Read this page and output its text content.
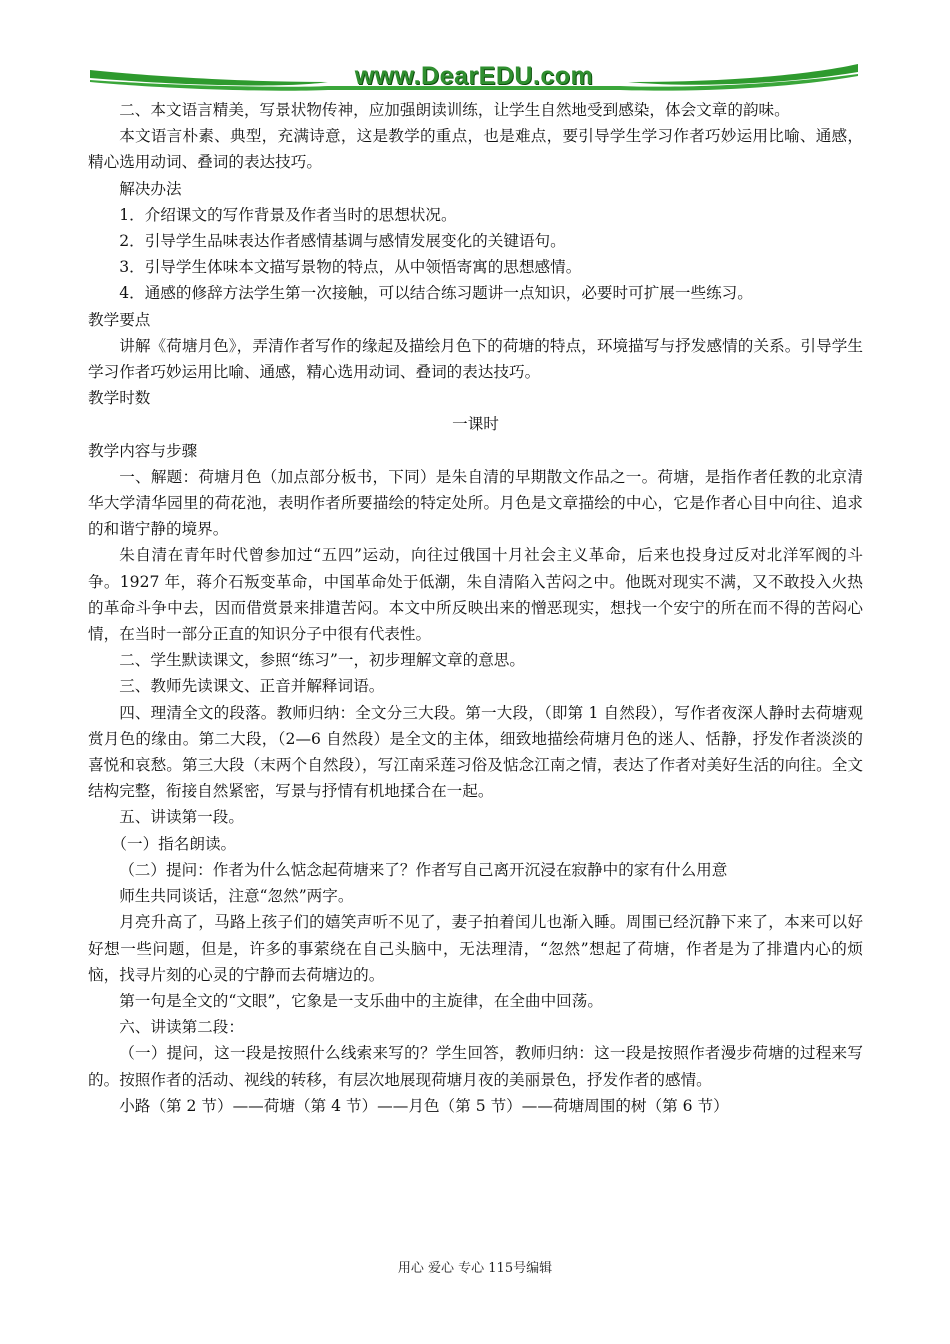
www.DearEDU.com

二、本文语言精美，写景状物传神，应加强朗读训练，让学生自然地受到感染，体会文章的韵味。

本文语言朴素、典型，充满诗意，这是教学的重点，也是难点，要引导学生学习作者巧妙运用比喻、通感，精心选用动词、叠词的表达技巧。

解决办法

1．介绍课文的写作背景及作者当时的思想状况。

2．引导学生品味表达作者感情基调与感情发展变化的关键语句。

3．引导学生体味本文描写景物的特点，从中领悟寄寓的思想感情。

4．通感的修辞方法学生第一次接触，可以结合练习题讲一点知识，必要时可扩展一些练习。

教学要点

讲解《荷塘月色》，弄清作者写作的缘起及描绘月色下的荷塘的特点，环境描写与抒发感情的关系。引导学生学习作者巧妙运用比喻、通感，精心选用动词、叠词的表达技巧。

教学时数

一课时

教学内容与步骤

一、解题：荷塘月色（加点部分板书，下同）是朱自清的早期散文作品之一。荷塘，是指作者任教的北京清华大学清华园里的荷花池，表明作者所要描绘的特定处所。月色是文章描绘的中心，它是作者心目中向往、追求的和谐宁静的境界。

朱自清在青年时代曾参加过“五四”运动，向往过俄国十月社会主义革命，后来也投身过反对北洋军阀的斗争。1927 年，蒋介石叛变革命，中国革命处于低潮，朱自清陷入苦闷之中。他既对现实不满，又不敢投入火热的革命斗争中去，因而借赏景来排遣苦闷。本文中所反映出来的憎恶现实，想找一个安宁的所在而不得的苦闷心情，在当时一部分正直的知识分子中很有代表性。

二、学生默读课文，参照“练习”一，初步理解文章的意思。

三、教师先读课文、正音并解释词语。

四、理清全文的段落。教师归纳：全文分三大段。第一大段，（即第 1 自然段），写作者夜深人静时去荷塘观赏月色的缘由。第二大段，（2—6 自然段）是全文的主体，细致地描绘荷塘月色的迷人、恬静，抒发作者淡淡的喜悦和哀愁。第三大段（末两个自然段），写江南采莲习俗及惦念江南之情，表达了作者对美好生活的向往。全文结构完整，衔接自然紧密，写景与抒情有机地揉合在一起。

五、讲读第一段。

（一）指名朗读。

（二）提问：作者为什么惦念起荷塘来了？作者写自己离开沉浸在寂静中的家有什么用意

师生共同谈话，注意“忽然”两字。

月亮升高了，马路上孩子们的嬉笑声听不见了，妻子拍着闰儿也渐入睡。周围已经沉静下来了，本来可以好好想一些问题，但是，许多的事萦绕在自己头脑中，无法理清，“忽然”想起了荷塘，作者是为了排遣内心的烦恼，找寻片刻的心灵的宁静而去荷塘边的。

第一句是全文的“文眼”，它象是一支乐曲中的主旋律，在全曲中回荡。

六、讲读第二段：

（一）提问，这一段是按照什么线索来写的？学生回答，教师归纳：这一段是按照作者漫步荷塘的过程来写的。按照作者的活动、视线的转移，有层次地展现荷塘月夜的美丽景色，抒发作者的感情。

小路（第 2 节）——荷塘（第 4 节）——月色（第 5 节）——荷塘周围的树（第 6 节）

用心 爱心 专心 115号编辑
